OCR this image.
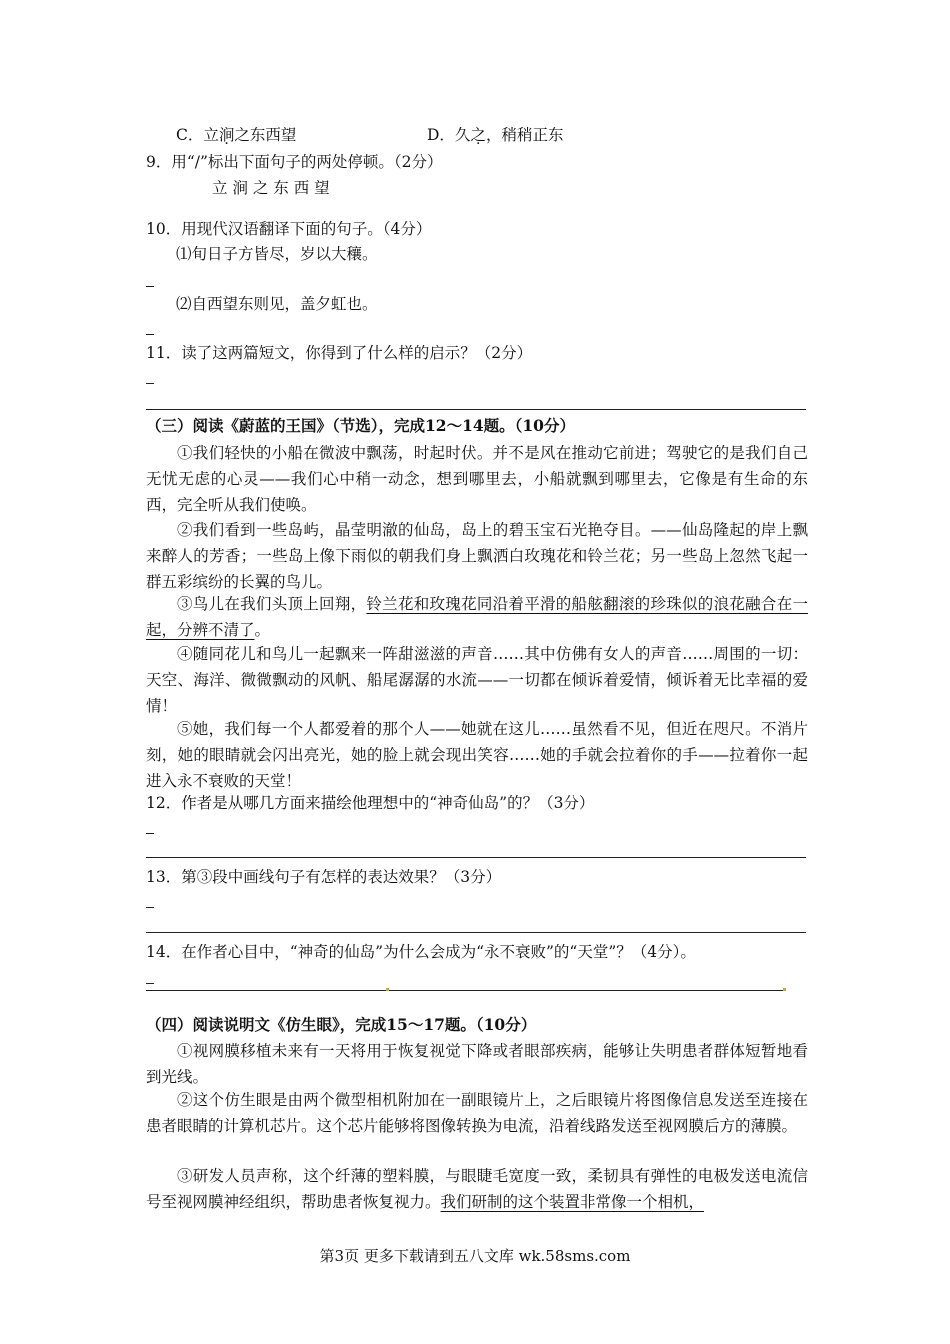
C．立涧之东西望	D．久之，稍稍正东
9．用“/”标出下面句子的两处停顿。（2分）
立 涧 之 东 西 望
10．用现代汉语翻译下面的句子。（4分）
⑴旬日子方皆尽，岁以大穰。
⑵自西望东则见，盖夕虹也。
11．读了这两篇短文，你得到了什么样的启示？（2分）
（三）阅读《蔚蓝的王国》（节选），完成12～14题。（10分）
①我们轻快的小船在微波中飘荡，时起时伏。并不是风在推动它前进；驾驶它的是我们自己无忧无虑的心灵——我们心中稍一动念，想到哪里去，小船就飘到哪里去，它像是有生命的东西，完全听从我们使唤。
②我们看到一些岛屿，晶莹明澈的仙岛，岛上的碧玉宝石光艳夺目。——仙岛隆起的岸上飘来醉人的芳香；一些岛上像下雨似的朝我们身上飘洒白玫瑰花和铃兰花；另一些岛上忽然飞起一群五彩缤纷的长翼的鸟儿。
③鸟儿在我们头顶上回翔，铃兰花和玫瑰花同沿着平滑的船舷翻滚的珍珠似的浪花融合在一起，分辨不清了。
④随同花儿和鸟儿一起飘来一阵甜滋滋的声音……其中仿佛有女人的声音……周围的一切：天空、海洋、微微飘动的风帆、船尾潺潺的水流——一切都在倾诉着爱情，倾诉着无比幸福的爱情！
⑤她，我们每一个人都爱着的那个人——她就在这儿……虽然看不见，但近在咫尺。不消片刻，她的眼睛就会闪出亮光，她的脸上就会现出笑容……她的手就会拉着你的手——拉着你一起进入永不衰败的天堂！
12．作者是从哪几方面来描绘他理想中的“神奇仙岛”的？（3分）
13．第③段中画线句子有怎样的表达效果？（3分）
14．在作者心目中，“神奇的仙岛”为什么会成为“永不衰败”的“天堂”？（4分）。
（四）阅读说明文《仿生眼》，完成15～17题。（10分）
①视网膜移植未来有一天将用于恢复视觉下降或者眼部疾病，能够让失明患者群体短暂地看到光线。
②这个仿生眼是由两个微型相机附加在一副眼镜片上，之后眼镜片将图像信息发送至连接在患者眼睛的计算机芯片。这个芯片能够将图像转换为电流，沿着线路发送至视网膜后方的薄膜。
③研发人员声称，这个纤薄的塑料膜，与眼睫毛宽度一致，柔韧具有弹性的电极发送电流信号至视网膜神经组织，帮助患者恢复视力。我们研制的这个装置非常像一个相机，
第3页 更多下载请到五八文库 wk.58sms.com
